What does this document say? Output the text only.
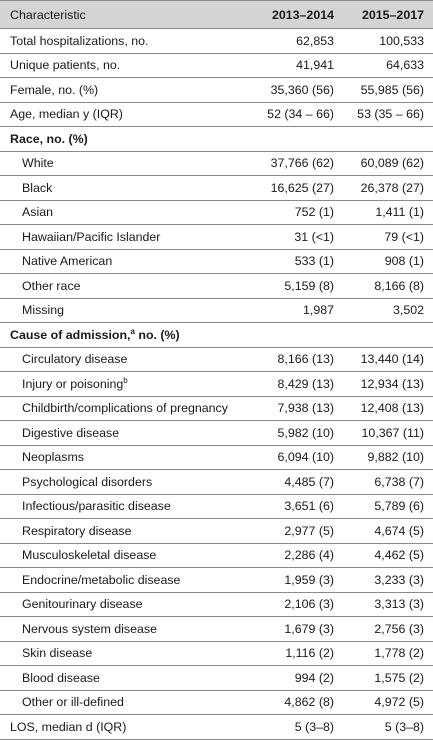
Characteristic	2013–2014	2015–2017
Total hospitalizations, no.	62,853	100,533
Unique patients, no.	41,941	64,633
Female, no. (%)	35,360 (56)	55,985 (56)
Age, median y (IQR)	52 (34 – 66)	53 (35 – 66)
Race, no. (%)
White	37,766 (62)	60,089 (62)
Black	16,625 (27)	26,378 (27)
Asian	752 (1)	1,411 (1)
Hawaiian/Pacific Islander	31 (<1)	79 (<1)
Native American	533 (1)	908 (1)
Other race	5,159 (8)	8,166 (8)
Missing	1,987	3,502
Cause of admission,$^a$ no. (%)
Circulatory disease	8,166 (13)	13,440 (14)
Injury or poisoning$^b$	8,429 (13)	12,934 (13)
Childbirth/complications of pregnancy	7,938 (13)	12,408 (13)
Digestive disease	5,982 (10)	10,367 (11)
Neoplasms	6,094 (10)	9,882 (10)
Psychological disorders	4,485 (7)	6,738 (7)
Infectious/parasitic disease	3,651 (6)	5,789 (6)
Respiratory disease	2,977 (5)	4,674 (5)
Musculoskeletal disease	2,286 (4)	4,462 (5)
Endocrine/metabolic disease	1,959 (3)	3,233 (3)
Genitourinary disease	2,106 (3)	3,313 (3)
Nervous system disease	1,679 (3)	2,756 (3)
Skin disease	1,116 (2)	1,778 (2)
Blood disease	994 (2)	1,575 (2)
Other or ill-defined	4,862 (8)	4,972 (5)
LOS, median d (IQR)	5 (3–8)	5 (3–8)
